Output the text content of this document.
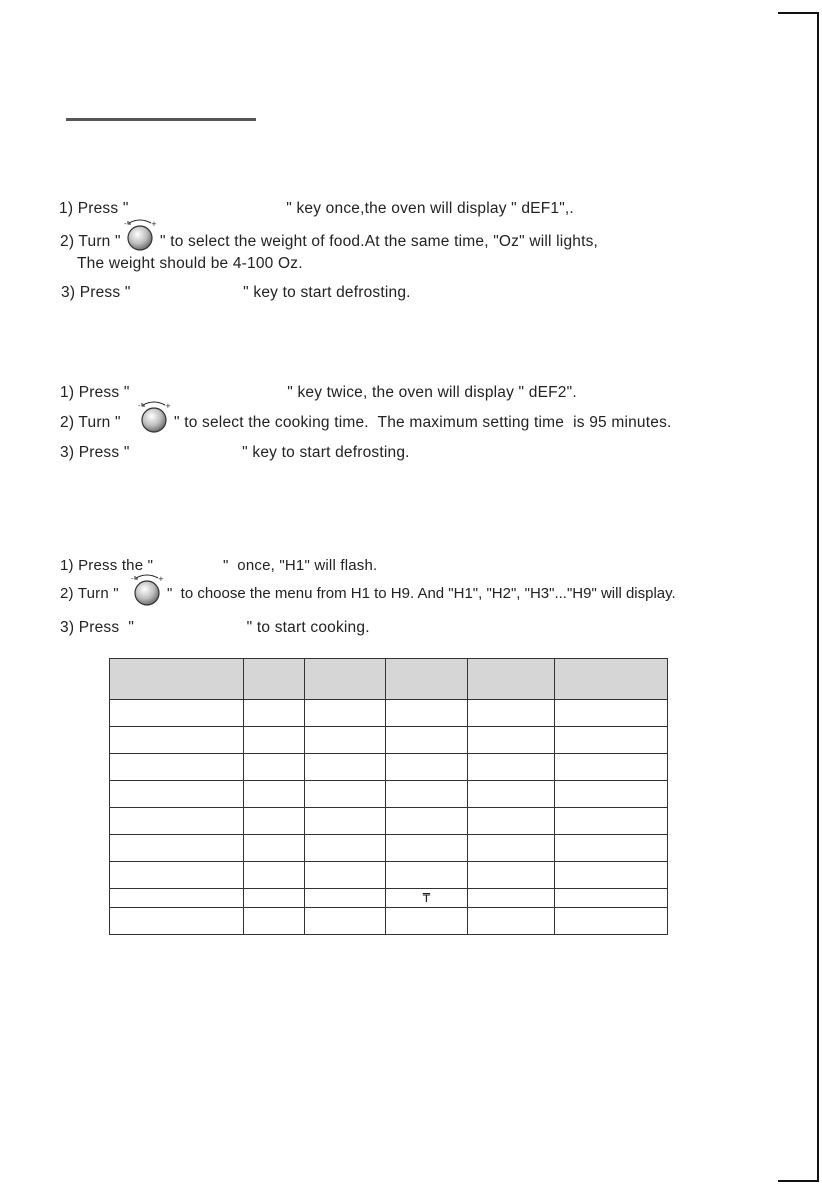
1) Press "                                   " key once,the oven will display " dEF1",.
2) Turn "	" to select the weight of food.At the same time, "Oz" will lights,
The weight should be 4-100 Oz.
3) Press "                         " key to start defrosting.
1) Press "                                   " key twice, the oven will display " dEF2".
2) Turn "	" to select the cooking time.  The maximum setting time  is 95 minutes.
3) Press "                         " key to start defrosting.
1) Press the "                "  once, "H1" will flash.
2) Turn "	"  to choose the menu from H1 to H9. And "H1", "H2", "H3"..."H9" will display.
3) Press  "                         " to start cooking.

			₸		
